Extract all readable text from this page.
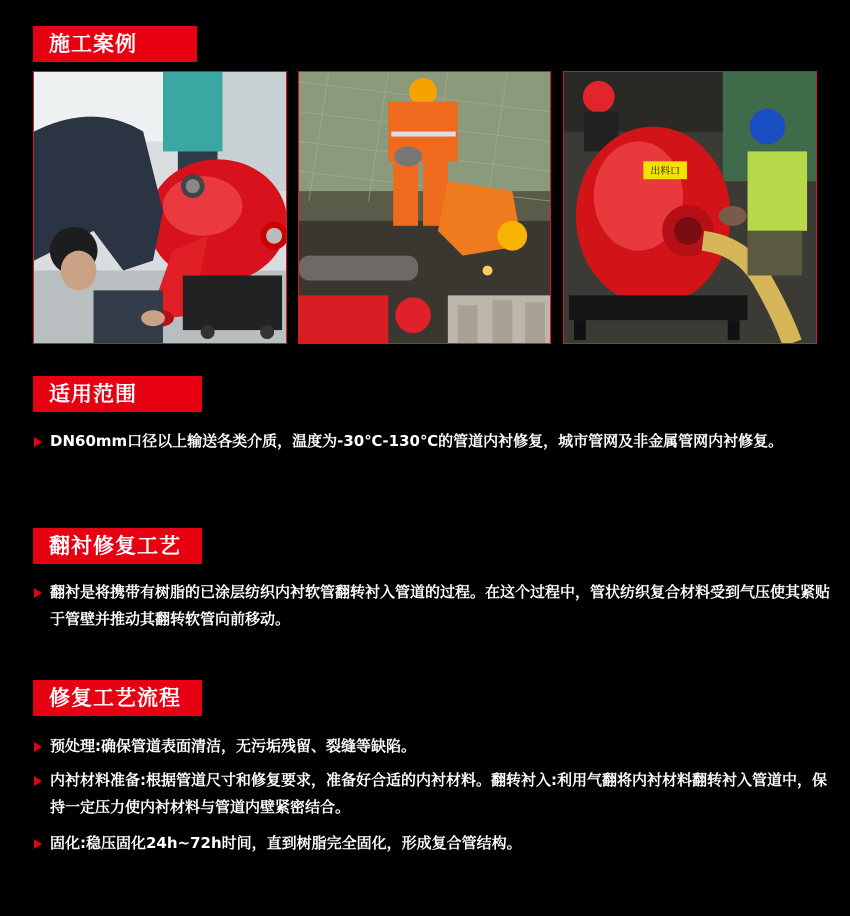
施工案例
出料口
适用范围
DN60mm口径以上输送各类介质，温度为-30℃-130℃的管道内衬修复，城市管网及非金属管网内衬修复。
翻衬修复工艺
翻衬是将携带有树脂的已涂层纺织内衬软管翻转衬入管道的过程。在这个过程中，管状纺织复合材料受到气压使其紧贴于管壁并推动其翻转软管向前移动。
修复工艺流程
预处理:确保管道表面清洁，无污垢残留、裂缝等缺陷。
内衬材料准备:根据管道尺寸和修复要求，准备好合适的内衬材料。翻转衬入:利用气翻将内衬材料翻转衬入管道中，保持一定压力使内衬材料与管道内壁紧密结合。
固化:稳压固化24h~72h时间，直到树脂完全固化，形成复合管结构。
